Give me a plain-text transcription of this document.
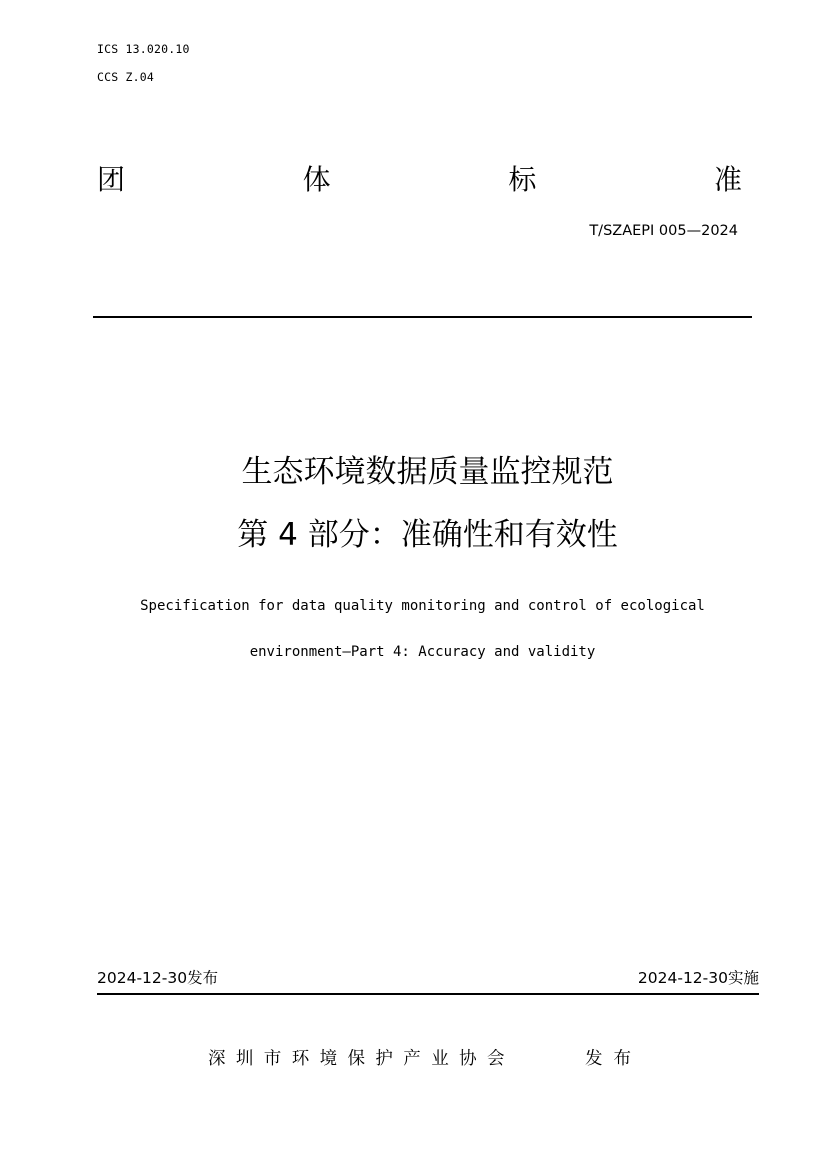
ICS 13.020.10
CCS Z.04
团	体	标	准
T/SZAEPI 005—2024
生态环境数据质量监控规范
第 4 部分：准确性和有效性
Specification for data quality monitoring and control of ecological
environment—Part 4: Accuracy and validity
2024-12-30发布	2024-12-30实施
深圳市环境保护产业协会	发布
